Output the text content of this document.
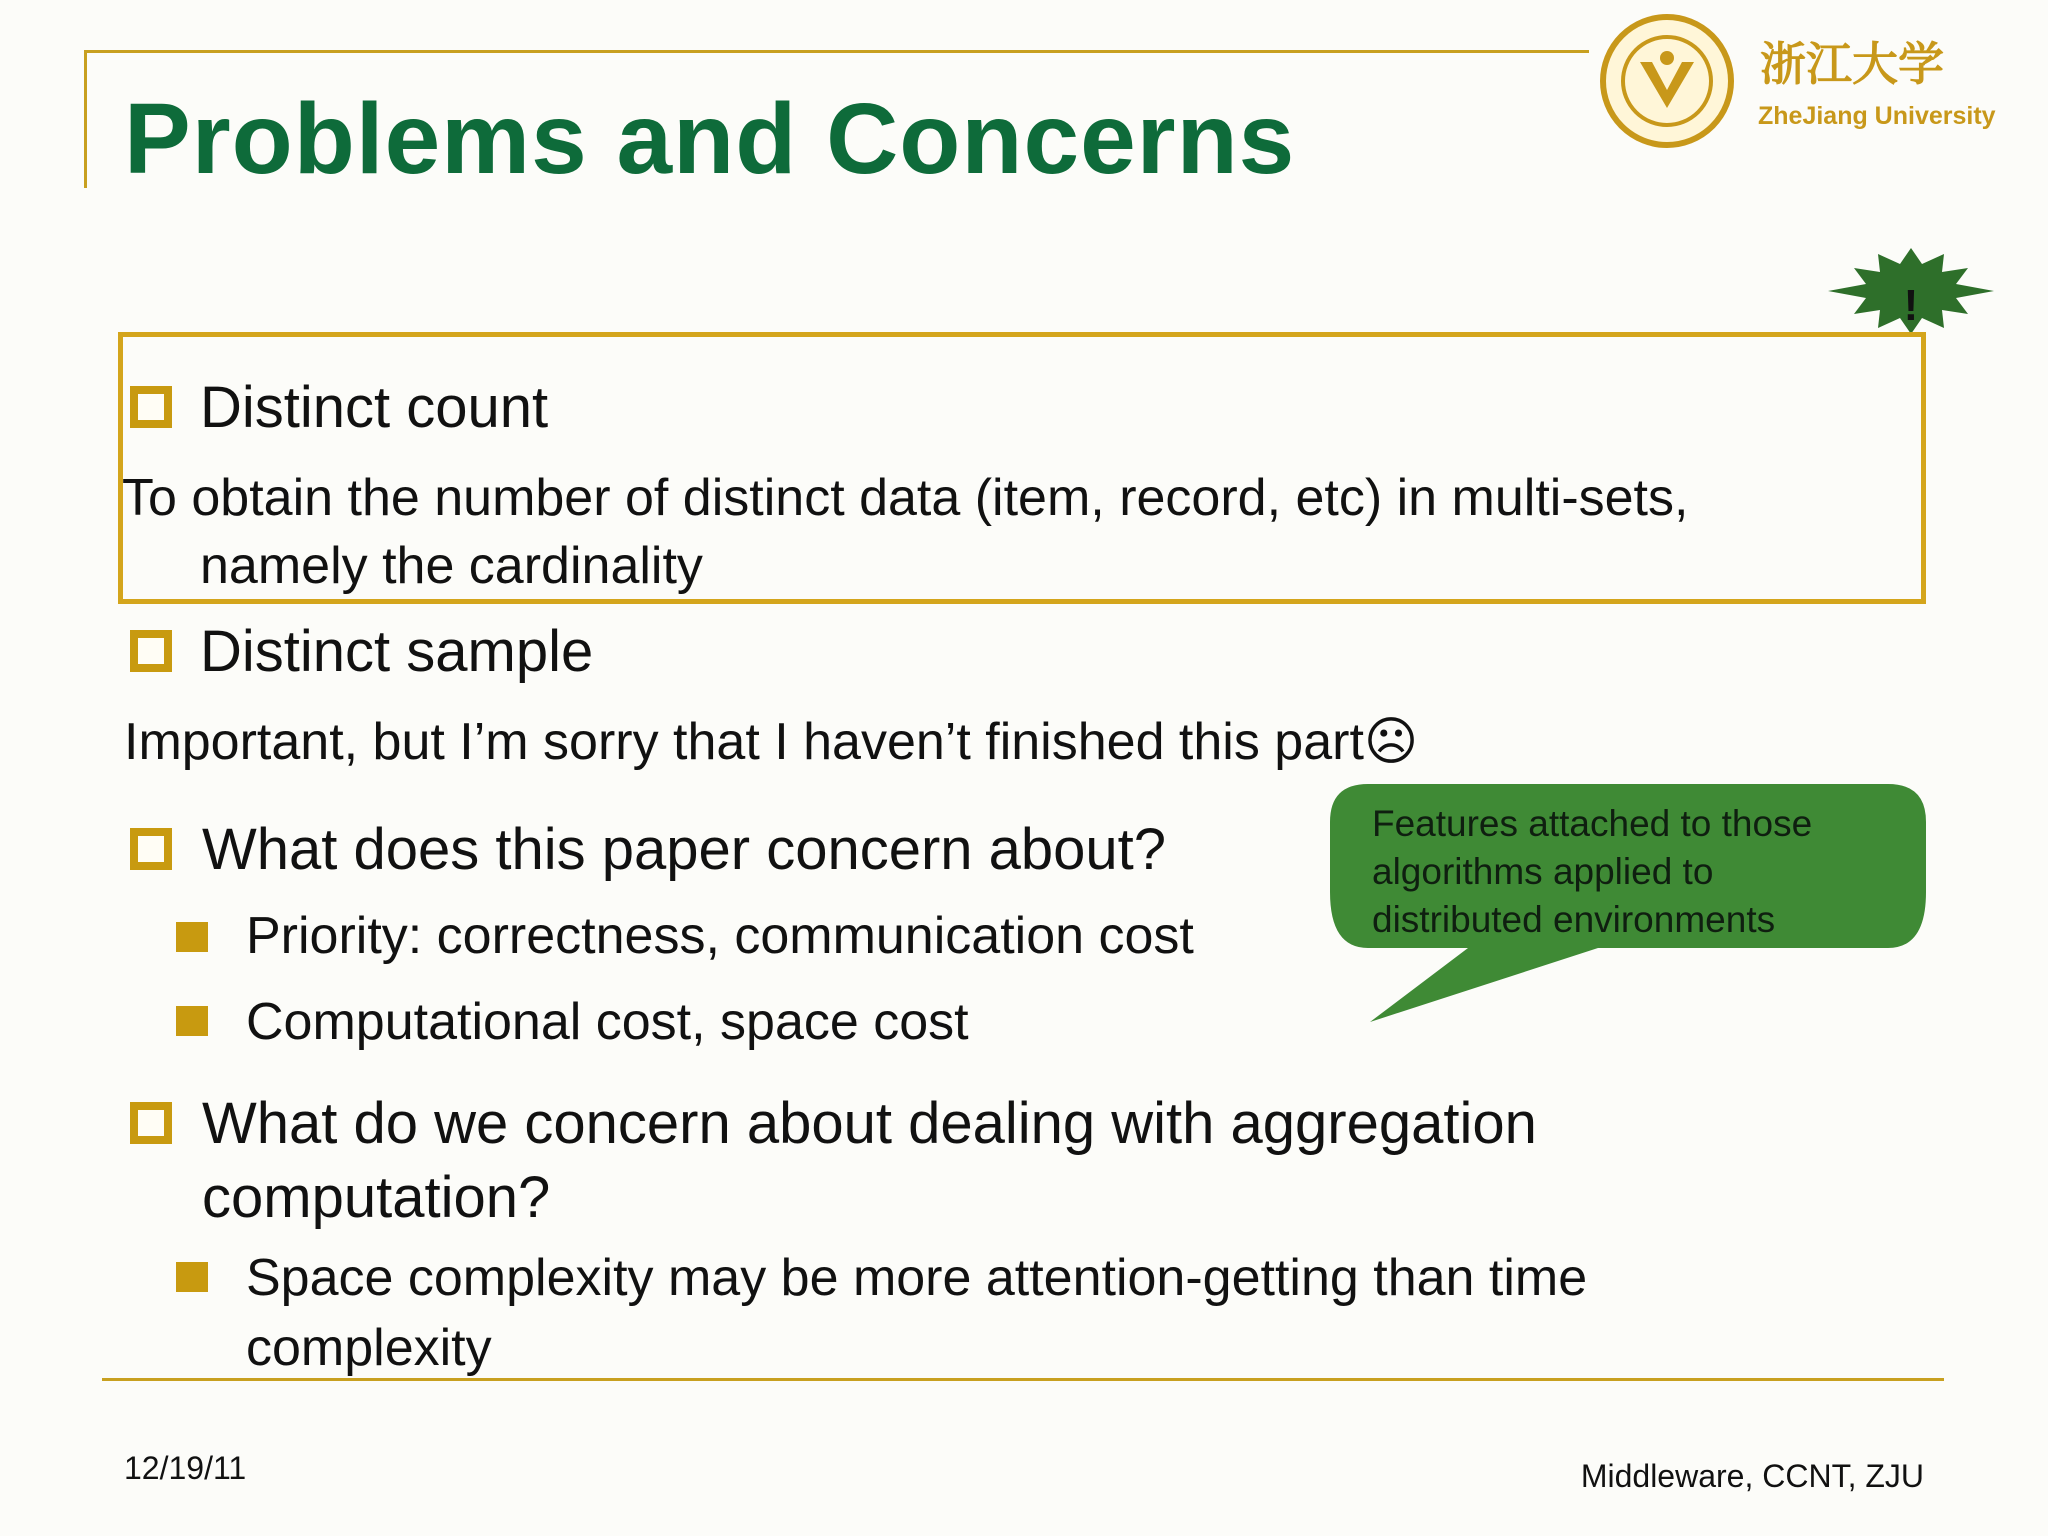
Problems and Concerns
浙江大学
ZheJiang University
!
Distinct count
To obtain the number of distinct data (item, record, etc) in multi-sets,
namely the cardinality
Distinct sample
Important, but I’m sorry that I haven’t finished this part☹
What does this paper concern about?
Priority: correctness, communication cost
Computational cost, space cost
What do we concern about dealing with aggregation
computation?
Space complexity may be more attention-getting than time
complexity
Features attached to those
algorithms applied to
distributed environments
12/19/11	Middleware, CCNT, ZJU
